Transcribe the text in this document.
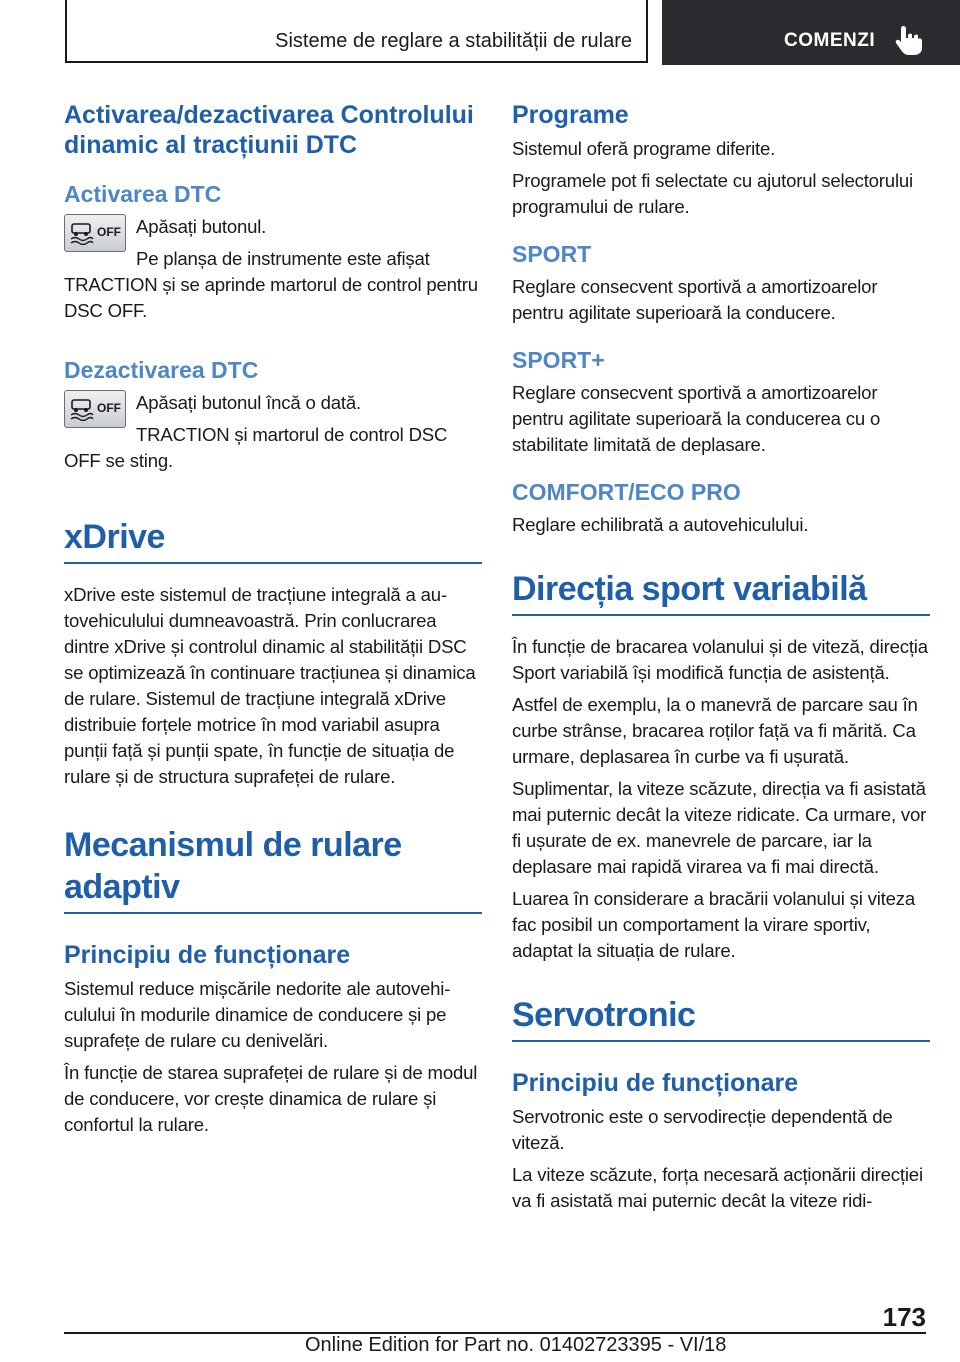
Sisteme de reglare a stabilității de rulare	COMENZI
Activarea/dezactivarea Controlului dinamic al tracțiunii DTC
Activarea DTC
OFF Apăsați butonul.

Pe planșa de instrumente este afișat TRACTION și se aprinde martorul de control pentru DSC OFF.

Dezactivarea DTC
OFF Apăsați butonul încă o dată.

TRACTION și martorul de control DSC OFF se sting.

xDrive

xDrive este sistemul de tracțiune integrală a autovehiculului dumneavoastră. Prin conlucrarea dintre xDrive și controlul dinamic al stabilității DSC se optimizează în continuare tracțiunea și dinamica de rulare. Sistemul de tracțiune integrală xDrive distribuie forțele motrice în mod variabil asupra punții față și punții spate, în funcție de situația de rulare și de structura suprafeței de rulare.

Mecanismul de rulare adaptiv
Principiu de funcționare

Sistemul reduce mișcările nedorite ale autovehiculului în modurile dinamice de conducere și pe suprafețe de rulare cu denivelări.

În funcție de starea suprafeței de rulare și de modul de conducere, vor crește dinamica de rulare și confortul la rulare.

Programe

Sistemul oferă programe diferite.

Programele pot fi selectate cu ajutorul selectorului programului de rulare.

SPORT

Reglare consecvent sportivă a amortizoarelor pentru agilitate superioară la conducere.

SPORT+

Reglare consecvent sportivă a amortizoarelor pentru agilitate superioară la conducerea cu o stabilitate limitată de deplasare.

COMFORT/ECO PRO

Reglare echilibrată a autovehiculului.

Direcția sport variabilă

În funcție de bracarea volanului și de viteză, direcția Sport variabilă își modifică funcția de asistență.

Astfel de exemplu, la o manevră de parcare sau în curbe strânse, bracarea roților față va fi mărită. Ca urmare, deplasarea în curbe va fi ușurată.

Suplimentar, la viteze scăzute, direcția va fi asistată mai puternic decât la viteze ridicate. Ca urmare, vor fi ușurate de ex. manevrele de parcare, iar la deplasare mai rapidă virarea va fi mai directă.

Luarea în considerare a bracării volanului și viteza fac posibil un comportament la virare sportiv, adaptat la situația de rulare.

Servotronic
Principiu de funcționare

Servotronic este o servodirecție dependentă de viteză.

La viteze scăzute, forța necesară acționării direcției va fi asistată mai puternic decât la viteze ridi-

173
Online Edition for Part no. 01402723395 - VI/18
